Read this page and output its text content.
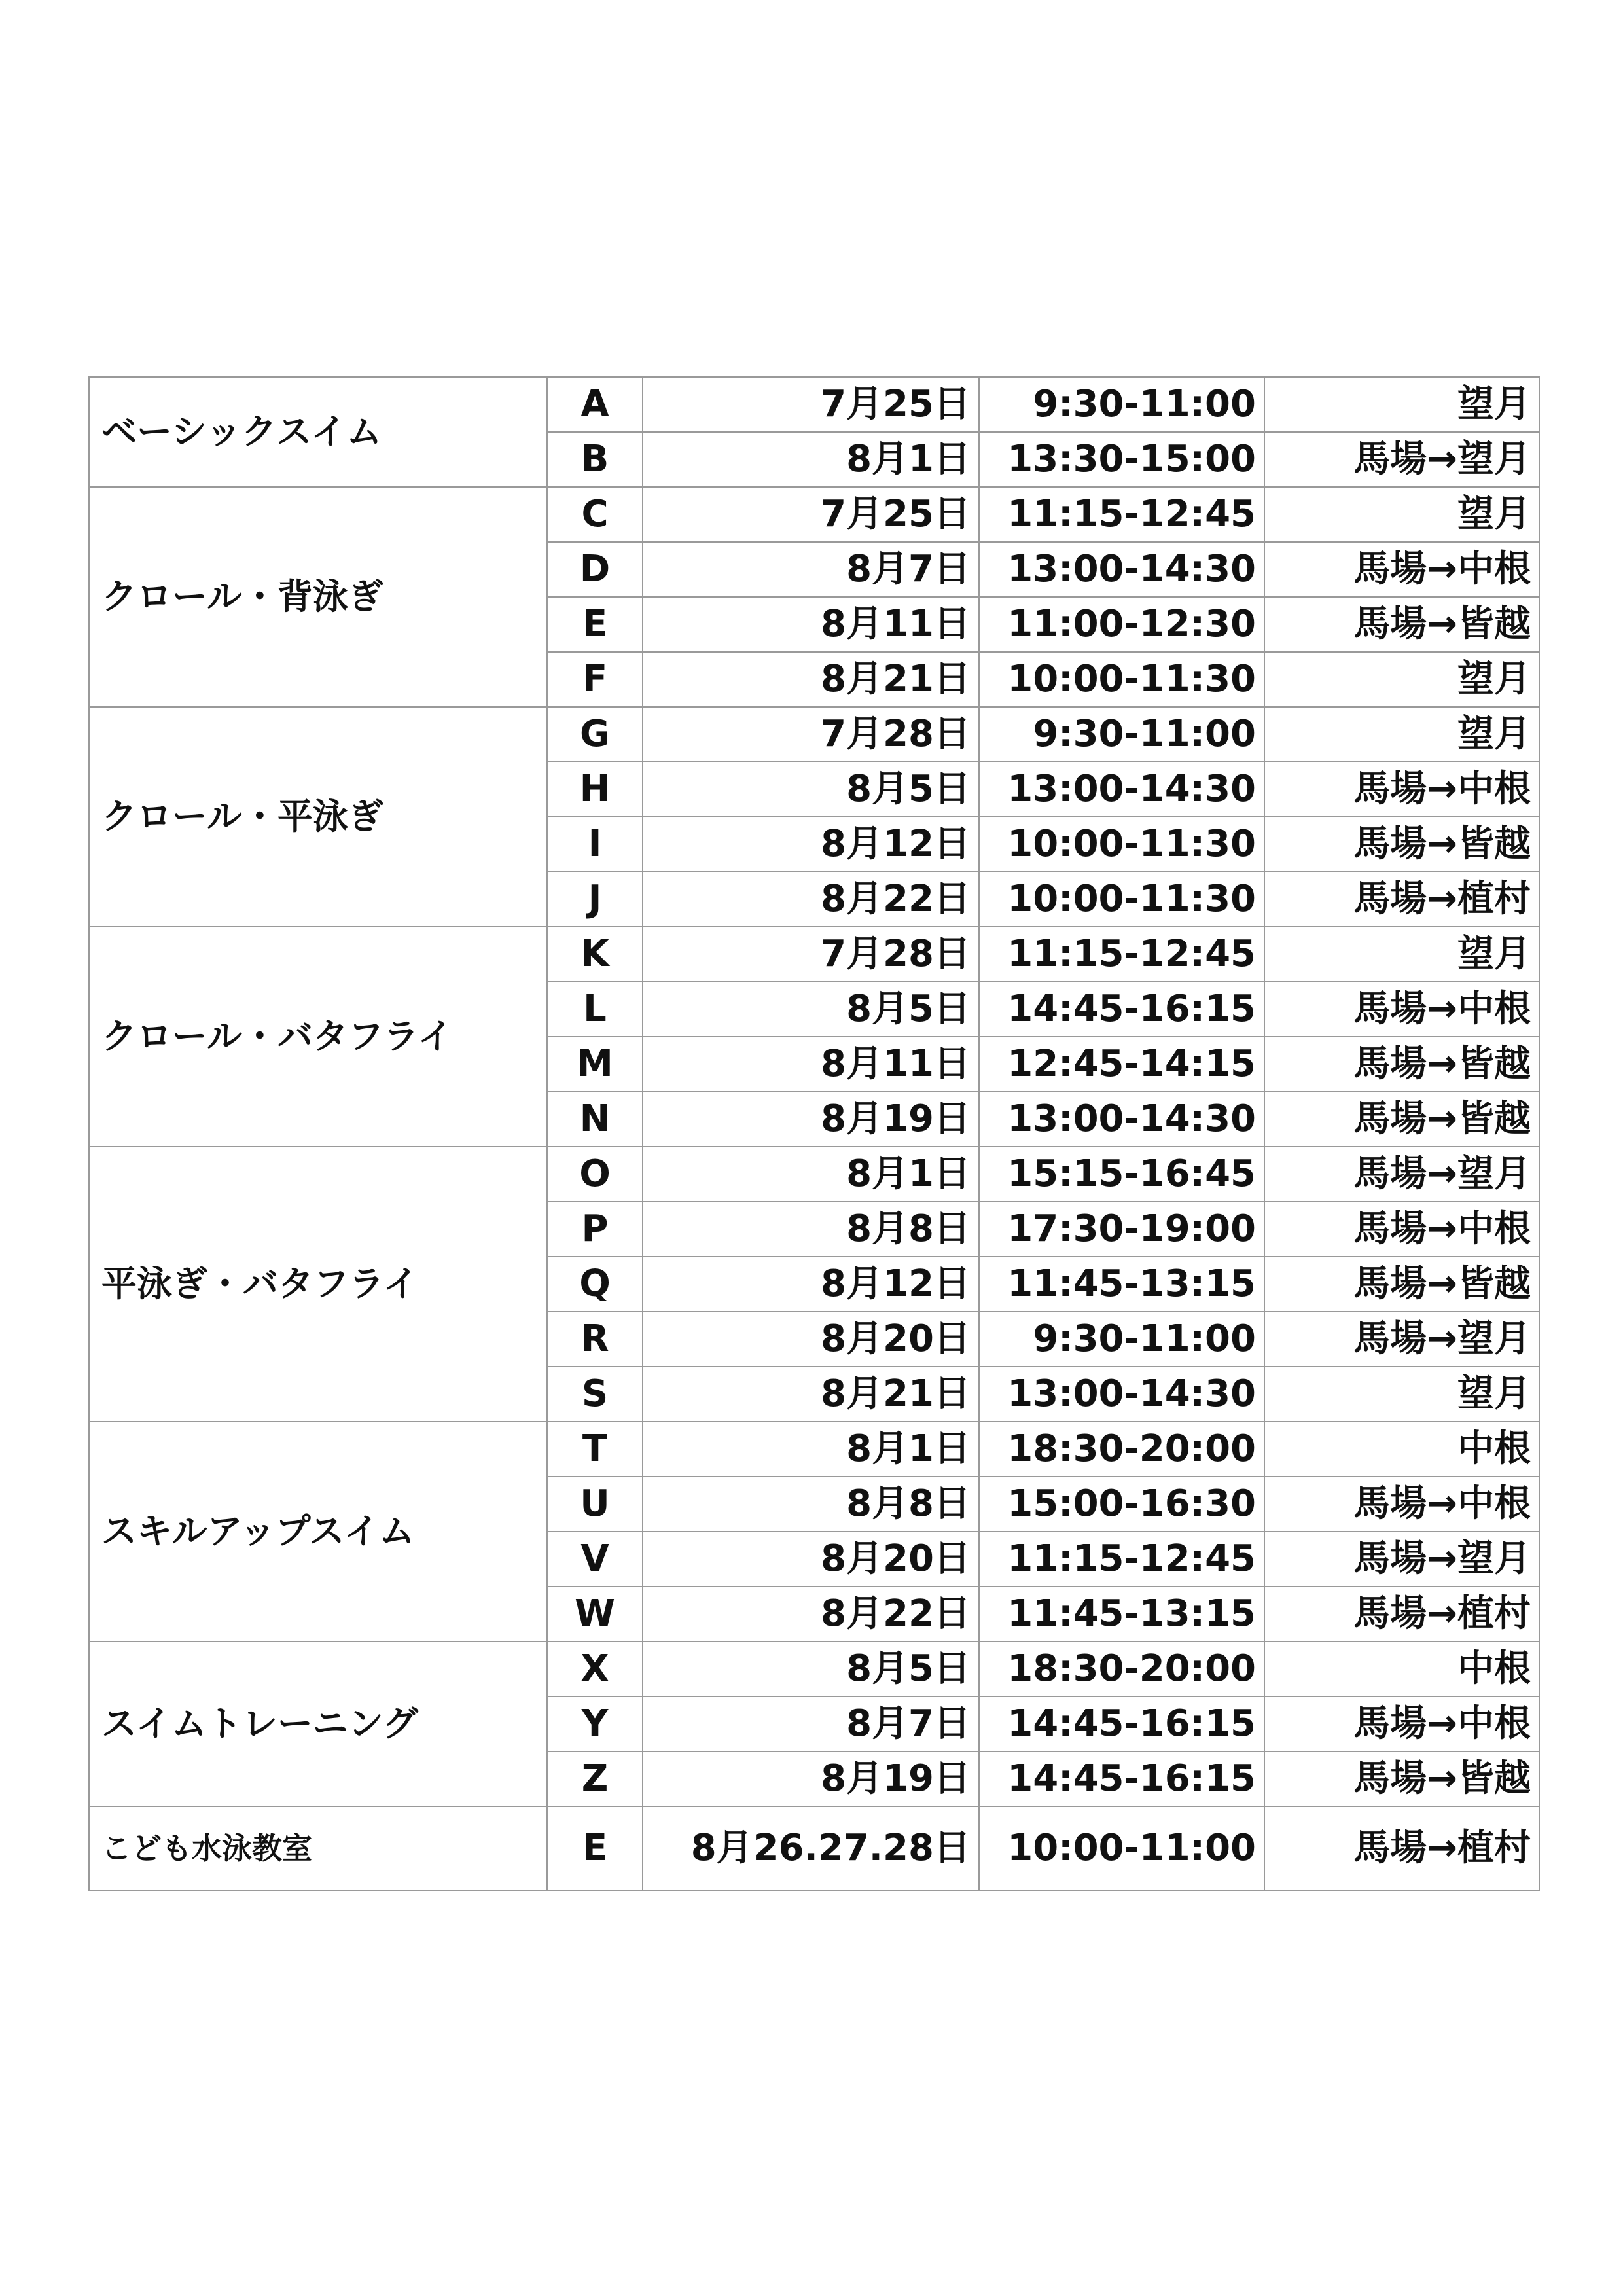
ベーシックスイム	A	7月25日	9:30-11:00	望月
	B	8月1日	13:30-15:00	馬場→望月
クロール・背泳ぎ	C	7月25日	11:15-12:45	望月
	D	8月7日	13:00-14:30	馬場→中根
	E	8月11日	11:00-12:30	馬場→皆越
	F	8月21日	10:00-11:30	望月
クロール・平泳ぎ	G	7月28日	9:30-11:00	望月
	H	8月5日	13:00-14:30	馬場→中根
	I	8月12日	10:00-11:30	馬場→皆越
	J	8月22日	10:00-11:30	馬場→植村
クロール・バタフライ	K	7月28日	11:15-12:45	望月
	L	8月5日	14:45-16:15	馬場→中根
	M	8月11日	12:45-14:15	馬場→皆越
	N	8月19日	13:00-14:30	馬場→皆越
平泳ぎ・バタフライ	O	8月1日	15:15-16:45	馬場→望月
	P	8月8日	17:30-19:00	馬場→中根
	Q	8月12日	11:45-13:15	馬場→皆越
	R	8月20日	9:30-11:00	馬場→望月
	S	8月21日	13:00-14:30	望月
スキルアップスイム	T	8月1日	18:30-20:00	中根
	U	8月8日	15:00-16:30	馬場→中根
	V	8月20日	11:15-12:45	馬場→望月
	W	8月22日	11:45-13:15	馬場→植村
スイムトレーニング	X	8月5日	18:30-20:00	中根
	Y	8月7日	14:45-16:15	馬場→中根
	Z	8月19日	14:45-16:15	馬場→皆越
こども水泳教室	E	8月26.27.28日	10:00-11:00	馬場→植村
